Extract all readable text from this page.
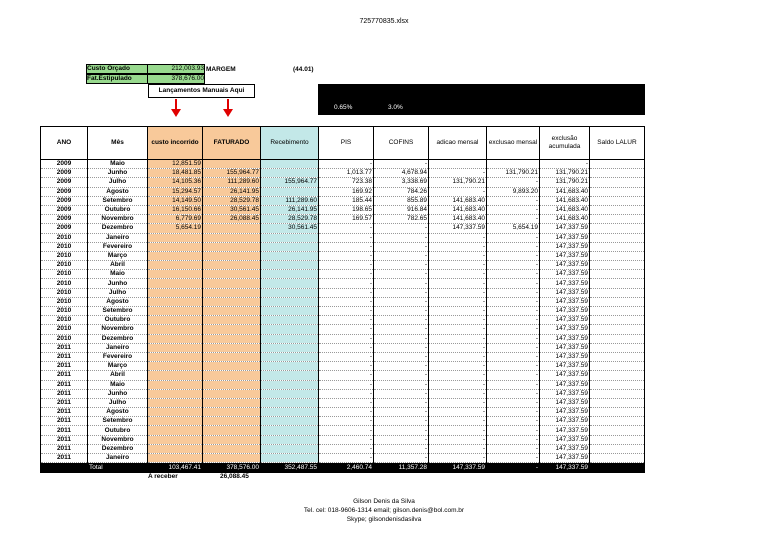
725770835.xlsx
Custo Orçado	212,003.93
Fat.Estipulado	378,676.00
MARGEM	(44.01)
Lançamentos Manuais Aqui
0.65%	3.0%
ANO	Mês	custo incorrido	FATURADO	Recebimento	PIS	COFINS	adicao mensal	exclusao mensal	exclusão acumulada	Saldo LALUR
2009	Maio	12,851.59			-	-			-	
2009	Junho	18,481.85	155,964.77		1,013.77	4,678.94	-	131,790.21	131,790.21	
2009	Julho	14,105.36	111,289.60	155,964.77	723.38	3,338.69	131,790.21	-	131,790.21	
2009	Agosto	15,294.57	26,141.95		169.92	784.26	-	9,893.20	141,683.40	
2009	Setembro	14,149.50	28,529.78	111,289.60	185.44	855.89	141,683.40	-	141,683.40	
2009	Outubro	16,150.66	30,561.45	26,141.95	198.65	916.84	141,683.40	-	141,683.40	
2009	Novembro	6,779.69	26,088.45	28,529.78	169.57	782.65	141,683.40	-	141,683.40	
2009	Dezembro	5,654.19		30,561.45	-	-	147,337.59	5,654.19	147,337.59	
2010	Janeiro				-	-	-	-	147,337.59	
2010	Fevereiro				-	-	-	-	147,337.59	
2010	Março				-	-	-	-	147,337.59	
2010	Abril				-	-	-	-	147,337.59	
2010	Maio				-	-	-	-	147,337.59	
2010	Junho				-	-	-	-	147,337.59	
2010	Julho				-	-	-	-	147,337.59	
2010	Agosto				-	-	-	-	147,337.59	
2010	Setembro				-	-	-	-	147,337.59	
2010	Outubro				-	-	-	-	147,337.59	
2010	Novembro				-	-	-	-	147,337.59	
2010	Dezembro				-	-	-	-	147,337.59	
2011	Janeiro				-	-	-	-	147,337.59	
2011	Fevereiro				-	-	-	-	147,337.59	
2011	Março				-	-	-	-	147,337.59	
2011	Abril				-	-	-	-	147,337.59	
2011	Maio				-	-	-	-	147,337.59	
2011	Junho				-	-	-	-	147,337.59	
2011	Julho				-	-	-	-	147,337.59	
2011	Agosto				-	-	-	-	147,337.59	
2011	Setembro				-	-	-	-	147,337.59	
2011	Outubro				-	-	-	-	147,337.59	
2011	Novembro				-	-	-	-	147,337.59	
2011	Dezembro				-	-	-	-	147,337.59	
2011	Janeiro				-	-	-	-	147,337.59	
	Total	103,467.41	378,576.00	352,487.55	2,460.74	11,357.28	147,337.59	-	147,337.59	
A receber	26,088.45
Gilson Denis da Silva
Tel. cel: 018-9606-1314 email; gilson.denis@bol.com.br
Skype; gilsondenisdasilva
